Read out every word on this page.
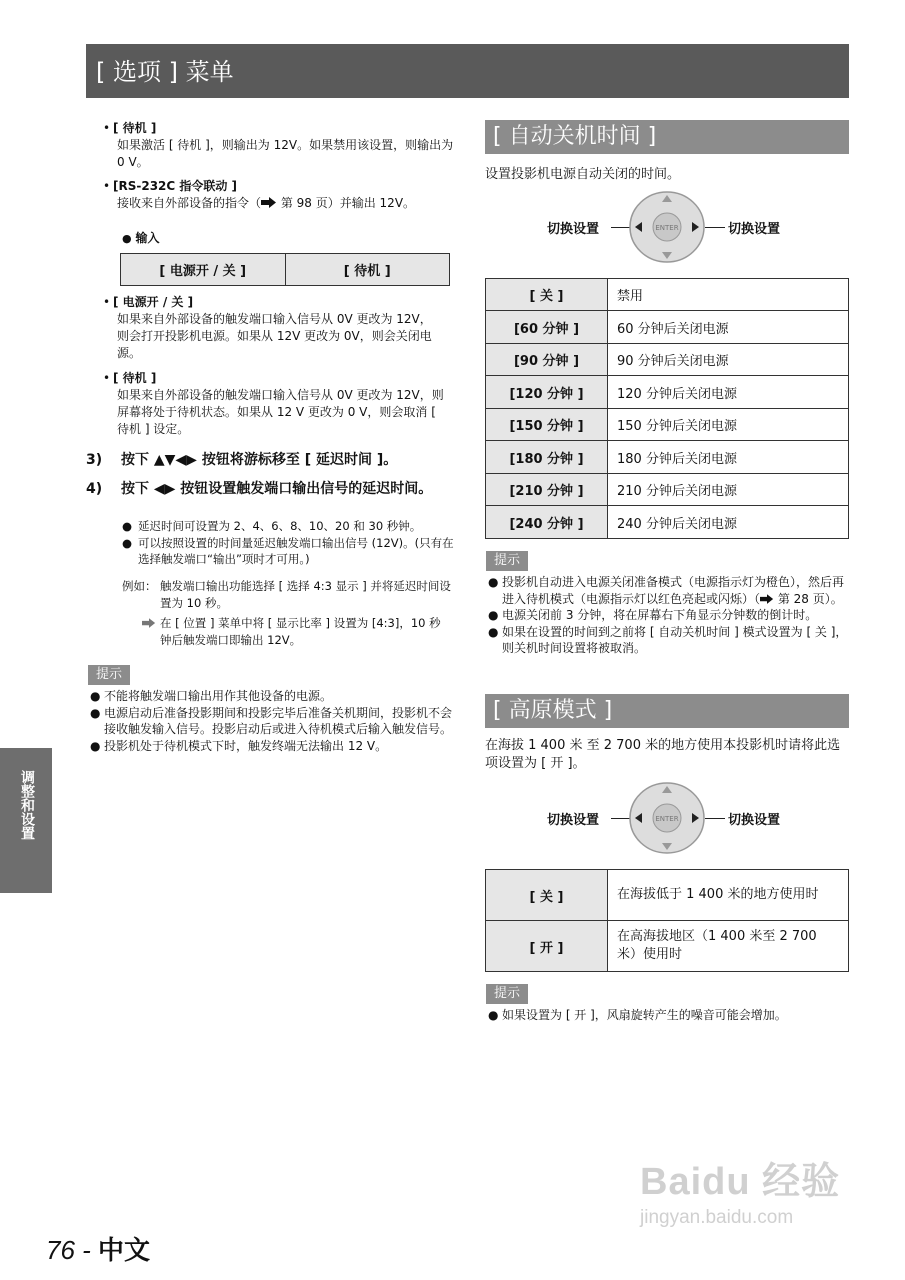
[ 选项 ] 菜单
调整和设置
• [ 待机 ]
如果激活 [ 待机 ]，则输出为 12V。如果禁用该设置，则输出为 0 V。
• [RS-232C 指令联动 ]
接收来自外部设备的指令（ 第 98 页）并输出 12V。
● 输入
[ 电源开 / 关 ]	[ 待机 ]
• [ 电源开 / 关 ]
如果来自外部设备的触发端口输入信号从 0V 更改为 12V，则会打开投影机电源。如果从 12V 更改为 0V，则会关闭电源。
• [ 待机 ]
如果来自外部设备的触发端口输入信号从 0V 更改为 12V，则屏幕将处于待机状态。如果从 12 V 更改为 0 V，则会取消 [ 待机 ] 设定。
3)	按下 ▲▼◀▶ 按钮将游标移至 [ 延迟时间 ]。
4)	按下 ◀▶ 按钮设置触发端口输出信号的延迟时间。
● 延迟时间可设置为 2、4、6、8、10、20 和 30 秒钟。
● 可以按照设置的时间量延迟触发端口输出信号 (12V)。(只有在选择触发端口“输出”项时才可用。)
例如： 触发端口输出功能选择 [ 选择 4:3 显示 ] 并将延迟时间设置为 10 秒。
在 [ 位置 ] 菜单中将 [ 显示比率 ] 设置为 [4:3]，10 秒钟后触发端口即输出 12V。
提示
● 不能将触发端口输出用作其他设备的电源。
● 电源启动后准备投影期间和投影完毕后准备关机期间，投影机不会接收触发输入信号。投影启动后或进入待机模式后输入触发信号。
● 投影机处于待机模式下时，触发终端无法输出 12 V。
[ 自动关机时间 ]
设置投影机电源自动关闭的时间。
切换设置	ENTER	切换设置
[ 关 ]	禁用
[60 分钟 ]	60 分钟后关闭电源
[90 分钟 ]	90 分钟后关闭电源
[120 分钟 ]	120 分钟后关闭电源
[150 分钟 ]	150 分钟后关闭电源
[180 分钟 ]	180 分钟后关闭电源
[210 分钟 ]	210 分钟后关闭电源
[240 分钟 ]	240 分钟后关闭电源
提示
● 投影机自动进入电源关闭准备模式（电源指示灯为橙色），然后再进入待机模式（电源指示灯以红色亮起或闪烁）（ 第 28 页）。
● 电源关闭前 3 分钟，将在屏幕右下角显示分钟数的倒计时。
● 如果在设置的时间到之前将 [ 自动关机时间 ] 模式设置为 [ 关 ]，则关机时间设置将被取消。
[ 高原模式 ]
在海拔 1 400 米 至 2 700 米的地方使用本投影机时请将此选项设置为 [ 开 ]。
切换设置	ENTER	切换设置
[ 关 ]	在海拔低于 1 400 米的地方使用时
[ 开 ]	在高海拔地区（1 400 米至 2 700 米）使用时
提示
● 如果设置为 [ 开 ]，风扇旋转产生的噪音可能会增加。
76 - 中文
Baidu 经验
jingyan.baidu.com
